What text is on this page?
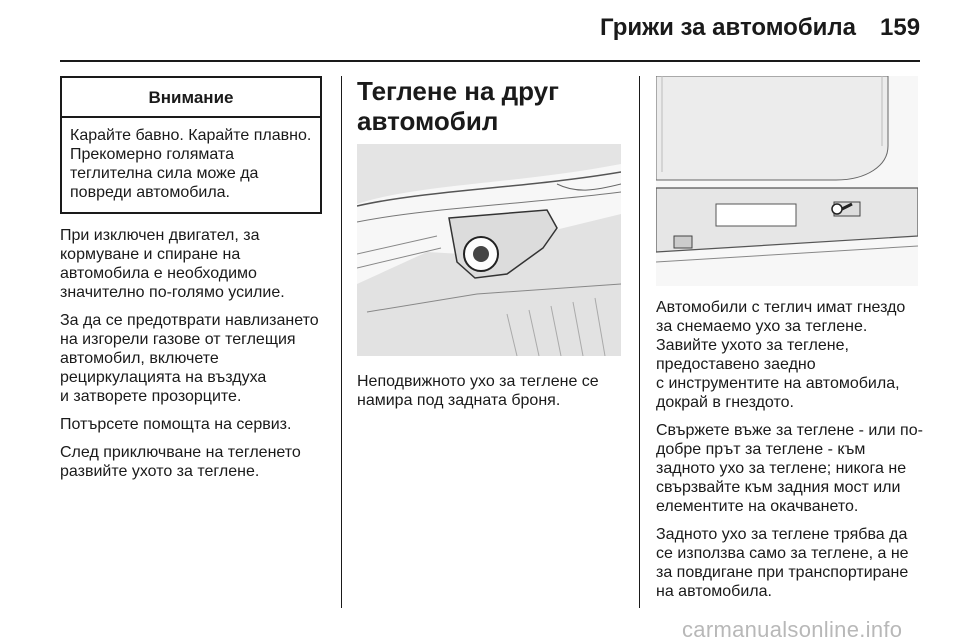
Грижи за автомобила 159
Внимание
Карайте бавно. Карайте плавно.
Прекомерно голямата
теглителна сила може да
повреди автомобила.

При изключен двигател, за
кормуване и спиране на
автомобила е необходимо
значително по-голямо усилие.

За да се предотврати навлизането
на изгорели газове от теглещия
автомобил, включете
рециркулацията на въздуха
и затворете прозорците.

Потърсете помощта на сервиз.

След приключване на тегленето
развийте ухото за теглене.

Теглене на друг
автомобил

Неподвижното ухо за теглене се
намира под задната броня.

Автомобили с теглич имат гнездо
за снемаемо ухо за теглене.
Завийте ухото за теглене,
предоставено заедно
с инструментите на автомобила,
докрай в гнездото.

Свържете въже за теглене - или по-
добре прът за теглене - към
задното ухо за теглене; никога не
свързвайте към задния мост или
елементите на окачването.

Задното ухо за теглене трябва да
се използва само за теглене, а не
за повдигане при транспортиране
на автомобила.

carmanualsonline.info
